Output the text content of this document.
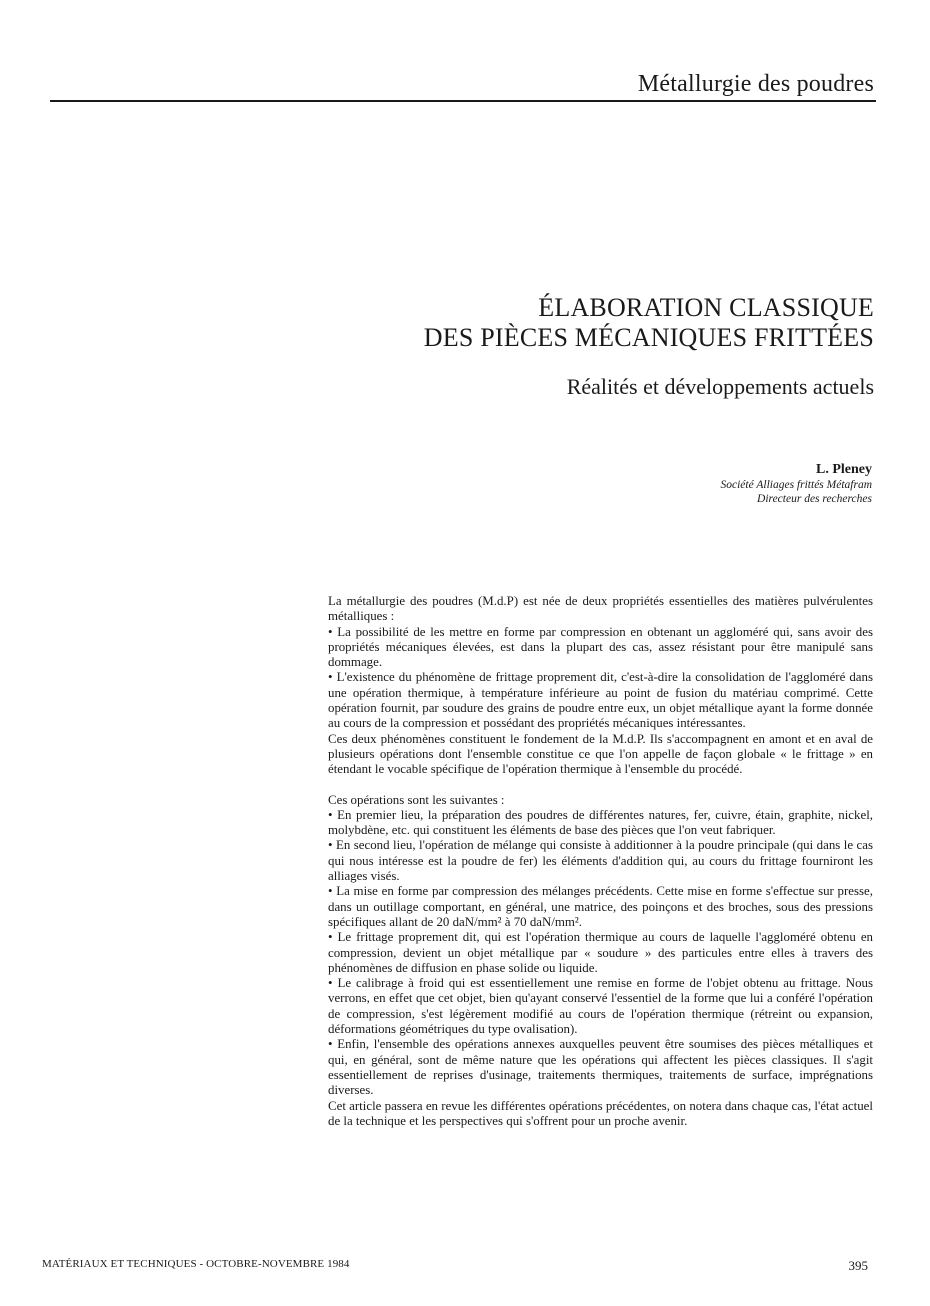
Métallurgie des poudres
ÉLABORATION CLASSIQUE
DES PIÈCES MÉCANIQUES FRITTÉES
Réalités et développements actuels
L. Pleney
Société Alliages frittés Métafram
Directeur des recherches

La métallurgie des poudres (M.d.P) est née de deux propriétés essentielles des matières pulvérulentes métalliques :

• La possibilité de les mettre en forme par compression en obtenant un aggloméré qui, sans avoir des propriétés mécaniques élevées, est dans la plupart des cas, assez résistant pour être manipulé sans dommage.

• L'existence du phénomène de frittage proprement dit, c'est-à-dire la consolidation de l'aggloméré dans une opération thermique, à température inférieure au point de fusion du matériau comprimé. Cette opération fournit, par soudure des grains de poudre entre eux, un objet métallique ayant la forme donnée au cours de la compression et possédant des propriétés mécaniques intéressantes.

Ces deux phénomènes constituent le fondement de la M.d.P. Ils s'accompagnent en amont et en aval de plusieurs opérations dont l'ensemble constitue ce que l'on appelle de façon globale « le frittage » en étendant le vocable spécifique de l'opération thermique à l'ensemble du procédé.

Ces opérations sont les suivantes :

• En premier lieu, la préparation des poudres de différentes natures, fer, cuivre, étain, graphite, nickel, molybdène, etc. qui constituent les éléments de base des pièces que l'on veut fabriquer.

• En second lieu, l'opération de mélange qui consiste à additionner à la poudre principale (qui dans le cas qui nous intéresse est la poudre de fer) les éléments d'addition qui, au cours du frittage fourniront les alliages visés.

• La mise en forme par compression des mélanges précédents. Cette mise en forme s'effectue sur presse, dans un outillage comportant, en général, une matrice, des poinçons et des broches, sous des pressions spécifiques allant de 20 daN/mm² à 70 daN/mm².

• Le frittage proprement dit, qui est l'opération thermique au cours de laquelle l'aggloméré obtenu en compression, devient un objet métallique par « soudure » des particules entre elles à travers des phénomènes de diffusion en phase solide ou liquide.

• Le calibrage à froid qui est essentiellement une remise en forme de l'objet obtenu au frittage. Nous verrons, en effet que cet objet, bien qu'ayant conservé l'essentiel de la forme que lui a conféré l'opération de compression, s'est légèrement modifié au cours de l'opération thermique (rétreint ou expansion, déformations géométriques du type ovalisation).

• Enfin, l'ensemble des opérations annexes auxquelles peuvent être soumises des pièces métalliques et qui, en général, sont de même nature que les opérations qui affectent les pièces classiques. Il s'agit essentiellement de reprises d'usinage, traitements thermiques, traitements de surface, imprégnations diverses.

Cet article passera en revue les différentes opérations précédentes, on notera dans chaque cas, l'état actuel de la technique et les perspectives qui s'offrent pour un proche avenir.

MATÉRIAUX ET TECHNIQUES - OCTOBRE-NOVEMBRE 1984	395
